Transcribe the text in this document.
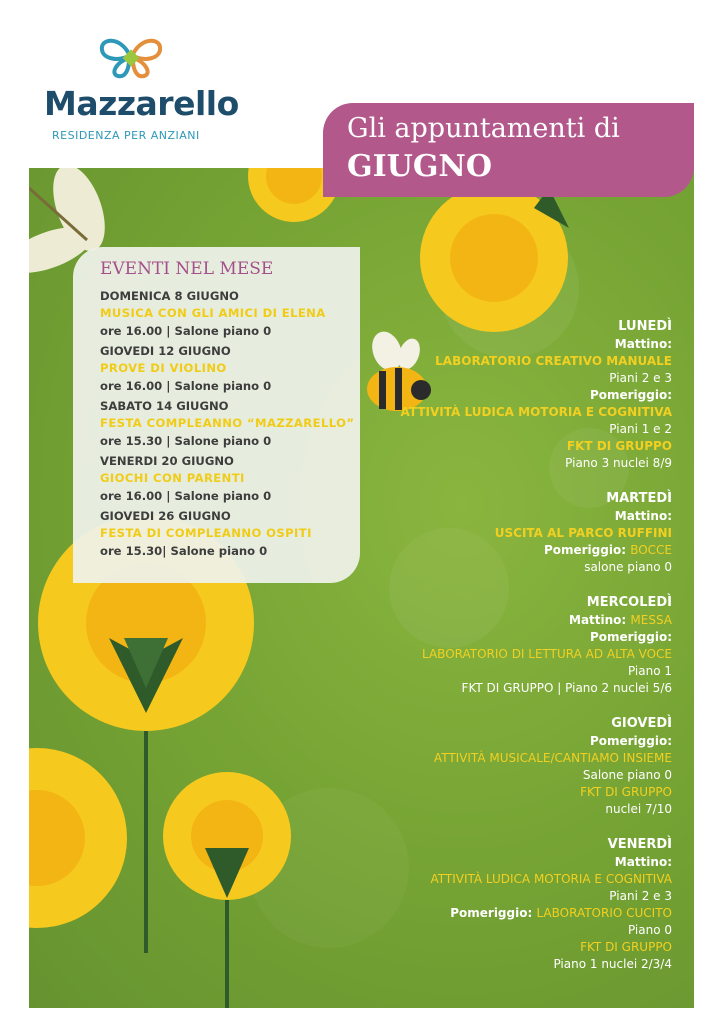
Mazzarello
RESIDENZA PER ANZIANI	Gli appuntamenti di
GIUGNO
EVENTI NEL MESE
DOMENICA 8 GIUGNO
MUSICA CON GLI AMICI DI ELENA
ore 16.00 | Salone piano 0
GIOVEDI 12 GIUGNO
PROVE DI VIOLINO
ore 16.00 | Salone piano 0
SABATO 14 GIUGNO
FESTA COMPLEANNO “MAZZARELLO”
ore 15.30 | Salone piano 0
VENERDI 20 GIUGNO
GIOCHI CON PARENTI
ore 16.00 | Salone piano 0
GIOVEDI 26 GIUGNO
FESTA DI COMPLEANNO OSPITI
ore 15.30| Salone piano 0
LUNEDÌ
Mattino:
LABORATORIO CREATIVO MANUALE
Piani 2 e 3
Pomeriggio:
ATTIVITÀ LUDICA MOTORIA E COGNITIVA
Piani 1 e 2
FKT DI GRUPPO
Piano 3 nuclei 8/9
MARTEDÌ
Mattino:
USCITA AL PARCO RUFFINI
Pomeriggio: BOCCE
salone piano 0
MERCOLEDÌ
Mattino: MESSA
Pomeriggio:
LABORATORIO DI LETTURA AD ALTA VOCE
Piano 1
FKT DI GRUPPO | Piano 2 nuclei 5/6
GIOVEDÌ
Pomeriggio:
ATTIVITÀ MUSICALE/CANTIAMO INSIEME
Salone piano 0
FKT DI GRUPPO
nuclei 7/10
VENERDÌ
Mattino:
ATTIVITÀ LUDICA MOTORIA E COGNITIVA
Piani 2 e 3
Pomeriggio: LABORATORIO CUCITO
Piano 0
FKT DI GRUPPO
Piano 1 nuclei 2/3/4
